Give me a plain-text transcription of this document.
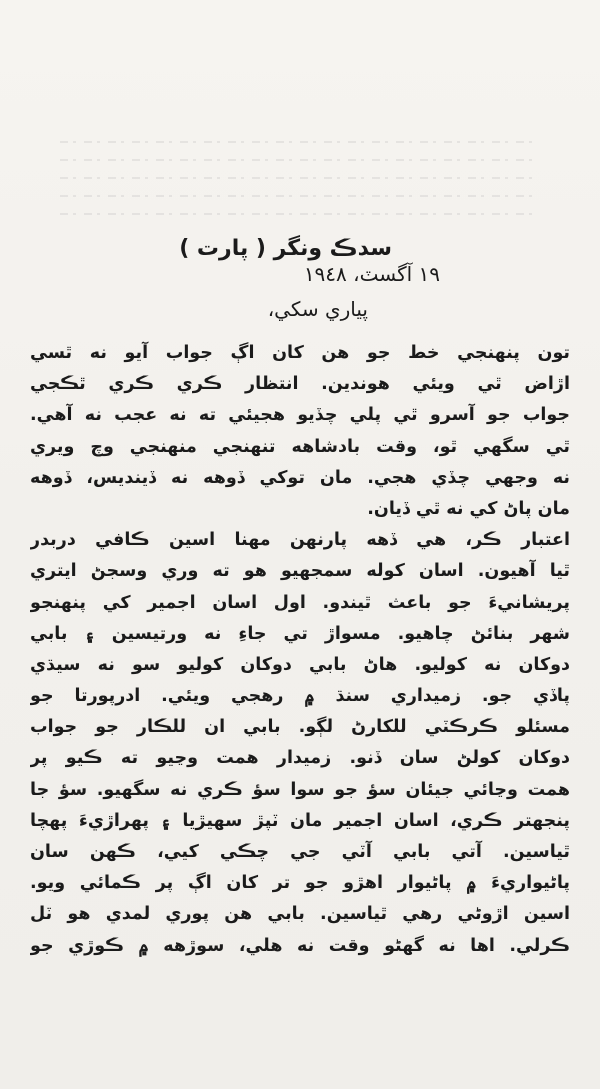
سدڪ ونگر ( پارت )
١٩ آگسٽ، ١٩٤٨
پياري سکي،
تون پنهنجي خط جو هن کان اڳ جواب آيو نه ٿسي
اڙاض ٿي ويئي هوندين. انتظار ڪري ڪري ٿڪجي
جواب جو آسرو ٿي پلي چڏيو هجيئي ته نه عجب نه آهي.
ٿي سگهي ٿو، وقت بادشاهه تنهنجي منهنجي وچ ويري
نه وجهي چڏي هجي. مان توکي ڏوهه نه ڏينديس، ڏوهه
مان پاڻ کي نه ٿي ڏيان.
اعتبار ڪر، هي ڏهه پارنهن مهنا اسين ڪافي دربدر
ٿيا آهيون. اسان کوله سمجهيو هو ته وري وسجڻ ايتري
پريشانيءَ جو باعث ٿيندو. اول اسان اجمير کي پنهنجو
شهر بنائڻ چاهيو. مسواڙ تي جاءِ نه ورتيسين ۽ بابي
دوکان نه کوليو. هاڻ بابي دوکان کوليو سو نه سيڌي
پاڏي جو. زميداري سنڌ ۾ رهجي ويئي. ادرپورتا جو
مسئلو ڪرڪٽي للکارڻ لڳو. بابي ان للڪار جو جواب
دوکان کولڻ سان ڏنو. زميدار همت وڃيو ته ڪيو پر
همت وڃائي جيئان سؤ جو سوا سؤ ڪري نه سگهيو. سؤ جا
پنجهتر ڪري، اسان اجمير مان ٽپڙ سهيڙيا ۽ پهراڙيءَ پهچا
ٿياسين. آتي بابي آٽي جي چڪي کيي، ڪهن سان
پاڻيواريءَ ۾ پاڻيوار اهڙو جو تر کان اڳ پر ڪمائي ويو.
اسين اڙوڻي رهي ٿياسين. بابي هن پوري لمدي هو ٽل
ڪرلي. اها نه گهڻو وقت نه هلي، سوڙهه ۾ ڪوڙي جو
